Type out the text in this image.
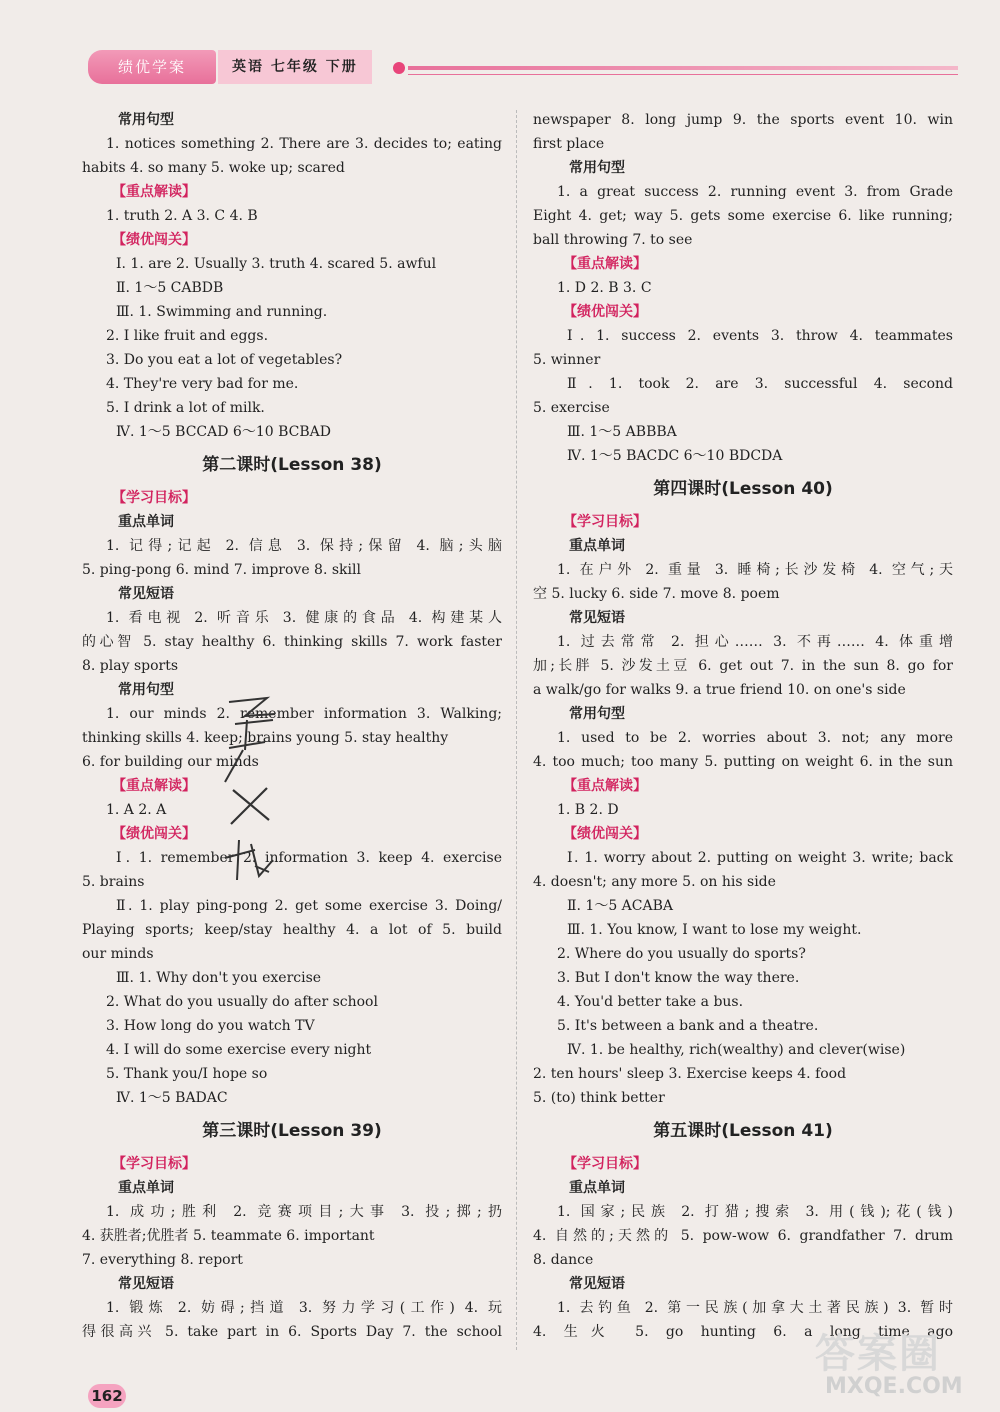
绩优学案	英语 七年级 下册
常用句型
1. notices something 2. There are 3. decides to; eating
habits 4. so many 5. woke up; scared
【重点解读】
1. truth 2. A 3. C 4. B
【绩优闯关】
Ⅰ. 1. are 2. Usually 3. truth 4. scared 5. awful
Ⅱ. 1～5 CABDB
Ⅲ. 1. Swimming and running.
2. I like fruit and eggs.
3. Do you eat a lot of vegetables?
4. They're very bad for me.
5. I drink a lot of milk.
Ⅳ. 1～5 BCCAD 6～10 BCBAD
第二课时(Lesson 38)
【学习目标】
重点单词
1. 记得;记起 2. 信息 3. 保持;保留 4. 脑;头脑
5. ping-pong 6. mind 7. improve 8. skill
常见短语
1. 看电视 2. 听音乐 3. 健康的食品 4. 构建某人
的心智 5. stay healthy 6. thinking skills 7. work faster
8. play sports
常用句型
1. our minds 2. remember information 3. Walking;
thinking skills 4. keep; brains young 5. stay healthy
6. for building our minds
【重点解读】
1. A 2. A
【绩优闯关】
Ⅰ. 1. remember 2. information 3. keep 4. exercise
5. brains
Ⅱ. 1. play ping-pong 2. get some exercise 3. Doing/
Playing sports; keep/stay healthy 4. a lot of 5. build
our minds
Ⅲ. 1. Why don't you exercise
2. What do you usually do after school
3. How long do you watch TV
4. I will do some exercise every night
5. Thank you/I hope so
Ⅳ. 1～5 BADAC
第三课时(Lesson 39)
【学习目标】
重点单词
1. 成功;胜利 2. 竞赛项目;大事 3. 投;掷;扔
4. 获胜者;优胜者 5. teammate 6. important
7. everything 8. report
常见短语
1. 锻炼 2. 妨碍;挡道 3. 努力学习(工作) 4. 玩
得很高兴 5. take part in 6. Sports Day 7. the school
newspaper 8. long jump 9. the sports event 10. win
first place
常用句型
1. a great success 2. running event 3. from Grade
Eight 4. get; way 5. gets some exercise 6. like running;
ball throwing 7. to see
【重点解读】
1. D 2. B 3. C
【绩优闯关】
Ⅰ. 1. success 2. events 3. throw 4. teammates
5. winner
Ⅱ. 1. took 2. are 3. successful 4. second
5. exercise
Ⅲ. 1～5 ABBBA
Ⅳ. 1～5 BACDC 6～10 BDCDA
第四课时(Lesson 40)
【学习目标】
重点单词
1. 在户外 2. 重量 3. 睡椅;长沙发椅 4. 空气;天
空 5. lucky 6. side 7. move 8. poem
常见短语
1. 过去常常 2. 担心…… 3. 不再…… 4. 体重增
加;长胖 5. 沙发土豆 6. get out 7. in the sun 8. go for
a walk/go for walks 9. a true friend 10. on one's side
常用句型
1. used to be 2. worries about 3. not; any more
4. too much; too many 5. putting on weight 6. in the sun
【重点解读】
1. B 2. D
【绩优闯关】
Ⅰ. 1. worry about 2. putting on weight 3. write; back
4. doesn't; any more 5. on his side
Ⅱ. 1～5 ACABA
Ⅲ. 1. You know, I want to lose my weight.
2. Where do you usually do sports?
3. But I don't know the way there.
4. You'd better take a bus.
5. It's between a bank and a theatre.
Ⅳ. 1. be healthy, rich(wealthy) and clever(wise)
2. ten hours' sleep 3. Exercise keeps 4. food
5. (to) think better
第五课时(Lesson 41)
【学习目标】
重点单词
1. 国家;民族 2. 打猎;搜索 3. 用(钱);花(钱)
4. 自然的;天然的 5. pow-wow 6. grandfather 7. drum
8. dance
常见短语
1. 去钓鱼 2. 第一民族(加拿大土著民族) 3. 暂时
4. 生火 5. go hunting 6. a long time ago
162
答案圈
MXQE.COM
